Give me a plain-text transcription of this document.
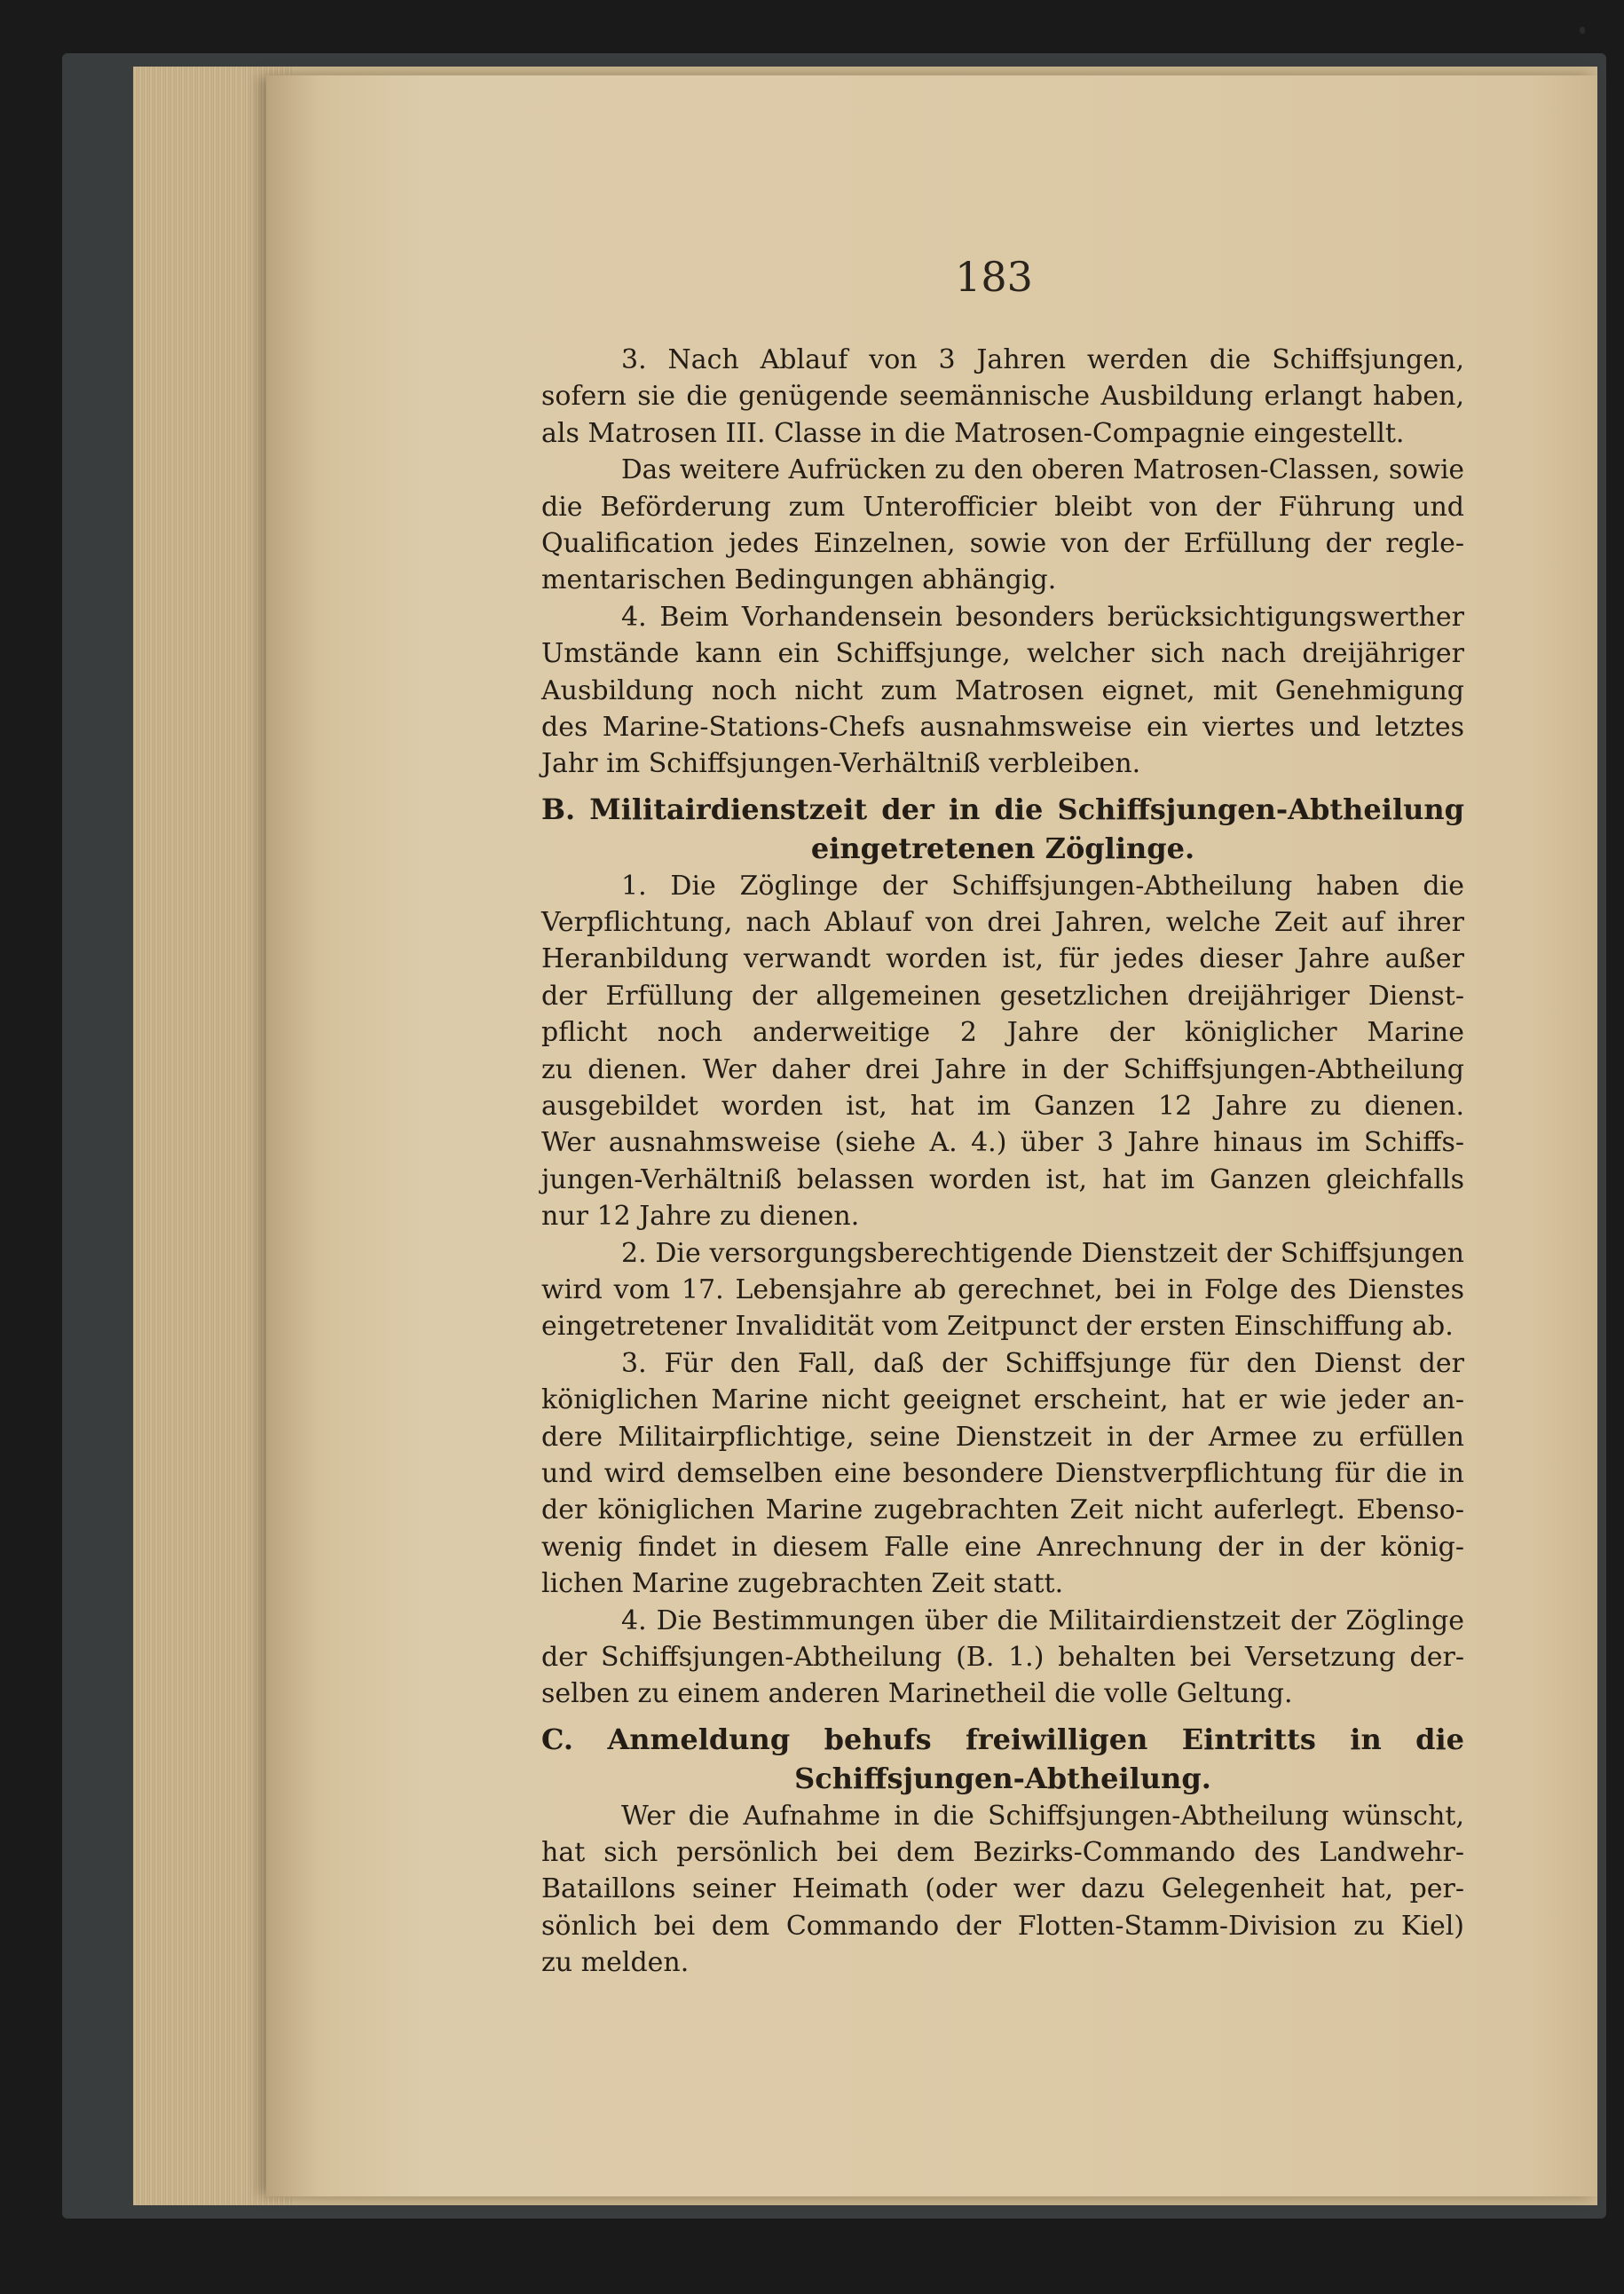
183
3. Nach Ablauf von 3 Jahren werden die Schiffsjungen,
sofern sie die genügende seemännische Ausbildung erlangt haben,
als Matrosen III. Classe in die Matrosen-Compagnie eingestellt.
Das weitere Aufrücken zu den oberen Matrosen-Classen, sowie
die Beförderung zum Unterofficier bleibt von der Führung und
Qualification jedes Einzelnen, sowie von der Erfüllung der regle-
mentarischen Bedingungen abhängig.
4. Beim Vorhandensein besonders berücksichtigungswerther
Umstände kann ein Schiffsjunge, welcher sich nach dreijähriger
Ausbildung noch nicht zum Matrosen eignet, mit Genehmigung
des Marine-Stations-Chefs ausnahmsweise ein viertes und letztes
Jahr im Schiffsjungen-Verhältniß verbleiben.
B. Militairdienstzeit der in die Schiffsjungen-Abtheilung
eingetretenen Zöglinge.
1. Die Zöglinge der Schiffsjungen-Abtheilung haben die
Verpflichtung, nach Ablauf von drei Jahren, welche Zeit auf ihrer
Heranbildung verwandt worden ist, für jedes dieser Jahre außer
der Erfüllung der allgemeinen gesetzlichen dreijähriger Dienst-
pflicht noch anderweitige 2 Jahre der königlicher Marine
zu dienen. Wer daher drei Jahre in der Schiffsjungen-Abtheilung
ausgebildet worden ist, hat im Ganzen 12 Jahre zu dienen.
Wer ausnahmsweise (siehe A. 4.) über 3 Jahre hinaus im Schiffs-
jungen-Verhältniß belassen worden ist, hat im Ganzen gleichfalls
nur 12 Jahre zu dienen.
2. Die versorgungsberechtigende Dienstzeit der Schiffsjungen
wird vom 17. Lebensjahre ab gerechnet, bei in Folge des Dienstes
eingetretener Invalidität vom Zeitpunct der ersten Einschiffung ab.
3. Für den Fall, daß der Schiffsjunge für den Dienst der
königlichen Marine nicht geeignet erscheint, hat er wie jeder an-
dere Militairpflichtige, seine Dienstzeit in der Armee zu erfüllen
und wird demselben eine besondere Dienstverpflichtung für die in
der königlichen Marine zugebrachten Zeit nicht auferlegt. Ebenso-
wenig findet in diesem Falle eine Anrechnung der in der könig-
lichen Marine zugebrachten Zeit statt.
4. Die Bestimmungen über die Militairdienstzeit der Zöglinge
der Schiffsjungen-Abtheilung (B. 1.) behalten bei Versetzung der-
selben zu einem anderen Marinetheil die volle Geltung.
C. Anmeldung behufs freiwilligen Eintritts in die
Schiffsjungen-Abtheilung.
Wer die Aufnahme in die Schiffsjungen-Abtheilung wünscht,
hat sich persönlich bei dem Bezirks-Commando des Landwehr-
Bataillons seiner Heimath (oder wer dazu Gelegenheit hat, per-
sönlich bei dem Commando der Flotten-Stamm-Division zu Kiel)
zu melden.
